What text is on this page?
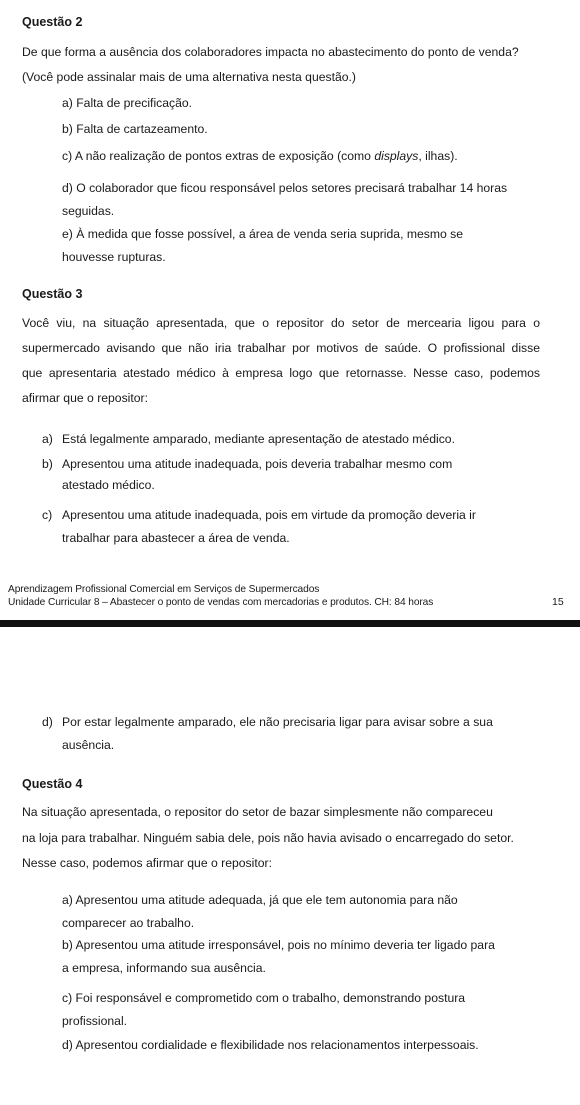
Questão 2
De que forma a ausência dos colaboradores impacta no abastecimento do ponto de venda?
(Você pode assinalar mais de uma alternativa nesta questão.)
a) Falta de precificação.
b) Falta de cartazeamento.
c) A não realização de pontos extras de exposição (como displays, ilhas).
d) O colaborador que ficou responsável pelos setores precisará trabalhar 14 horas
seguidas.
e) À medida que fosse possível, a área de venda seria suprida, mesmo se
houvesse rupturas.
Questão 3
Você viu, na situação apresentada, que o repositor do setor de mercearia ligou para o
supermercado avisando que não iria trabalhar por motivos de saúde. O profissional disse
que apresentaria atestado médico à empresa logo que retornasse. Nesse caso, podemos
afirmar que o repositor:
a) Está legalmente amparado, mediante apresentação de atestado médico.
b) Apresentou uma atitude inadequada, pois deveria trabalhar mesmo com
atestado médico.
c) Apresentou uma atitude inadequada, pois em virtude da promoção deveria ir
trabalhar para abastecer a área de venda.
Aprendizagem Profissional Comercial em Serviços de Supermercados
Unidade Curricular 8 – Abastecer o ponto de vendas com mercadorias e produtos. CH: 84 horas	15
d) Por estar legalmente amparado, ele não precisaria ligar para avisar sobre a sua
ausência.
Questão 4
Na situação apresentada, o repositor do setor de bazar simplesmente não compareceu
na loja para trabalhar. Ninguém sabia dele, pois não havia avisado o encarregado do setor.
Nesse caso, podemos afirmar que o repositor:
a) Apresentou uma atitude adequada, já que ele tem autonomia para não
comparecer ao trabalho.
b) Apresentou uma atitude irresponsável, pois no mínimo deveria ter ligado para
a empresa, informando sua ausência.
c) Foi responsável e comprometido com o trabalho, demonstrando postura
profissional.
d) Apresentou cordialidade e flexibilidade nos relacionamentos interpessoais.
